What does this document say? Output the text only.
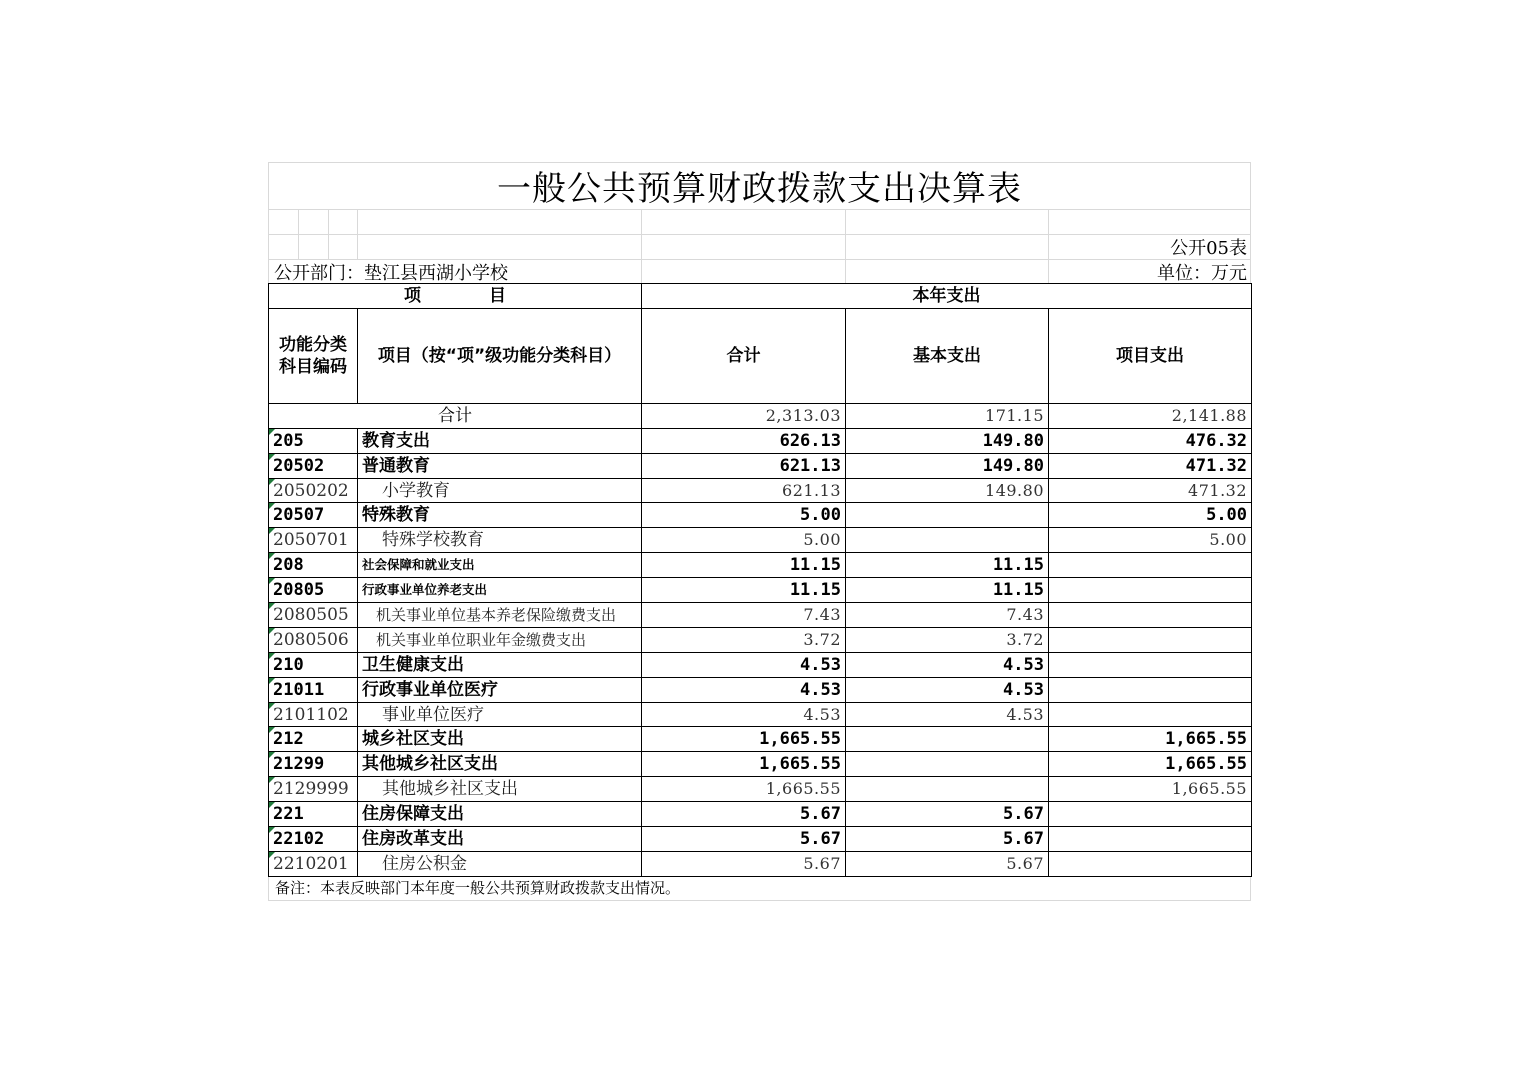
一般公共预算财政拨款支出决算表
公开05表
公开部门：垫江县西湖小学校	单位：万元
项　　　　目		本年支出		
功能分类科目编码	项目（按“项”级功能分类科目）	合计	基本支出	项目支出
合计		2,313.03	171.15	2,141.88
205	教育支出	626.13	149.80	476.32
20502	普通教育	621.13	149.80	471.32
2050202	小学教育	621.13	149.80	471.32
20507	特殊教育	5.00		5.00
2050701	特殊学校教育	5.00		5.00
208	社会保障和就业支出	11.15	11.15	
20805	行政事业单位养老支出	11.15	11.15	
2080505	机关事业单位基本养老保险缴费支出	7.43	7.43	
2080506	机关事业单位职业年金缴费支出	3.72	3.72	
210	卫生健康支出	4.53	4.53	
21011	行政事业单位医疗	4.53	4.53	
2101102	事业单位医疗	4.53	4.53	
212	城乡社区支出	1,665.55		1,665.55
21299	其他城乡社区支出	1,665.55		1,665.55
2129999	其他城乡社区支出	1,665.55		1,665.55
221	住房保障支出	5.67	5.67	
22102	住房改革支出	5.67	5.67	
2210201	住房公积金	5.67	5.67	
备注：本表反映部门本年度一般公共预算财政拨款支出情况。
